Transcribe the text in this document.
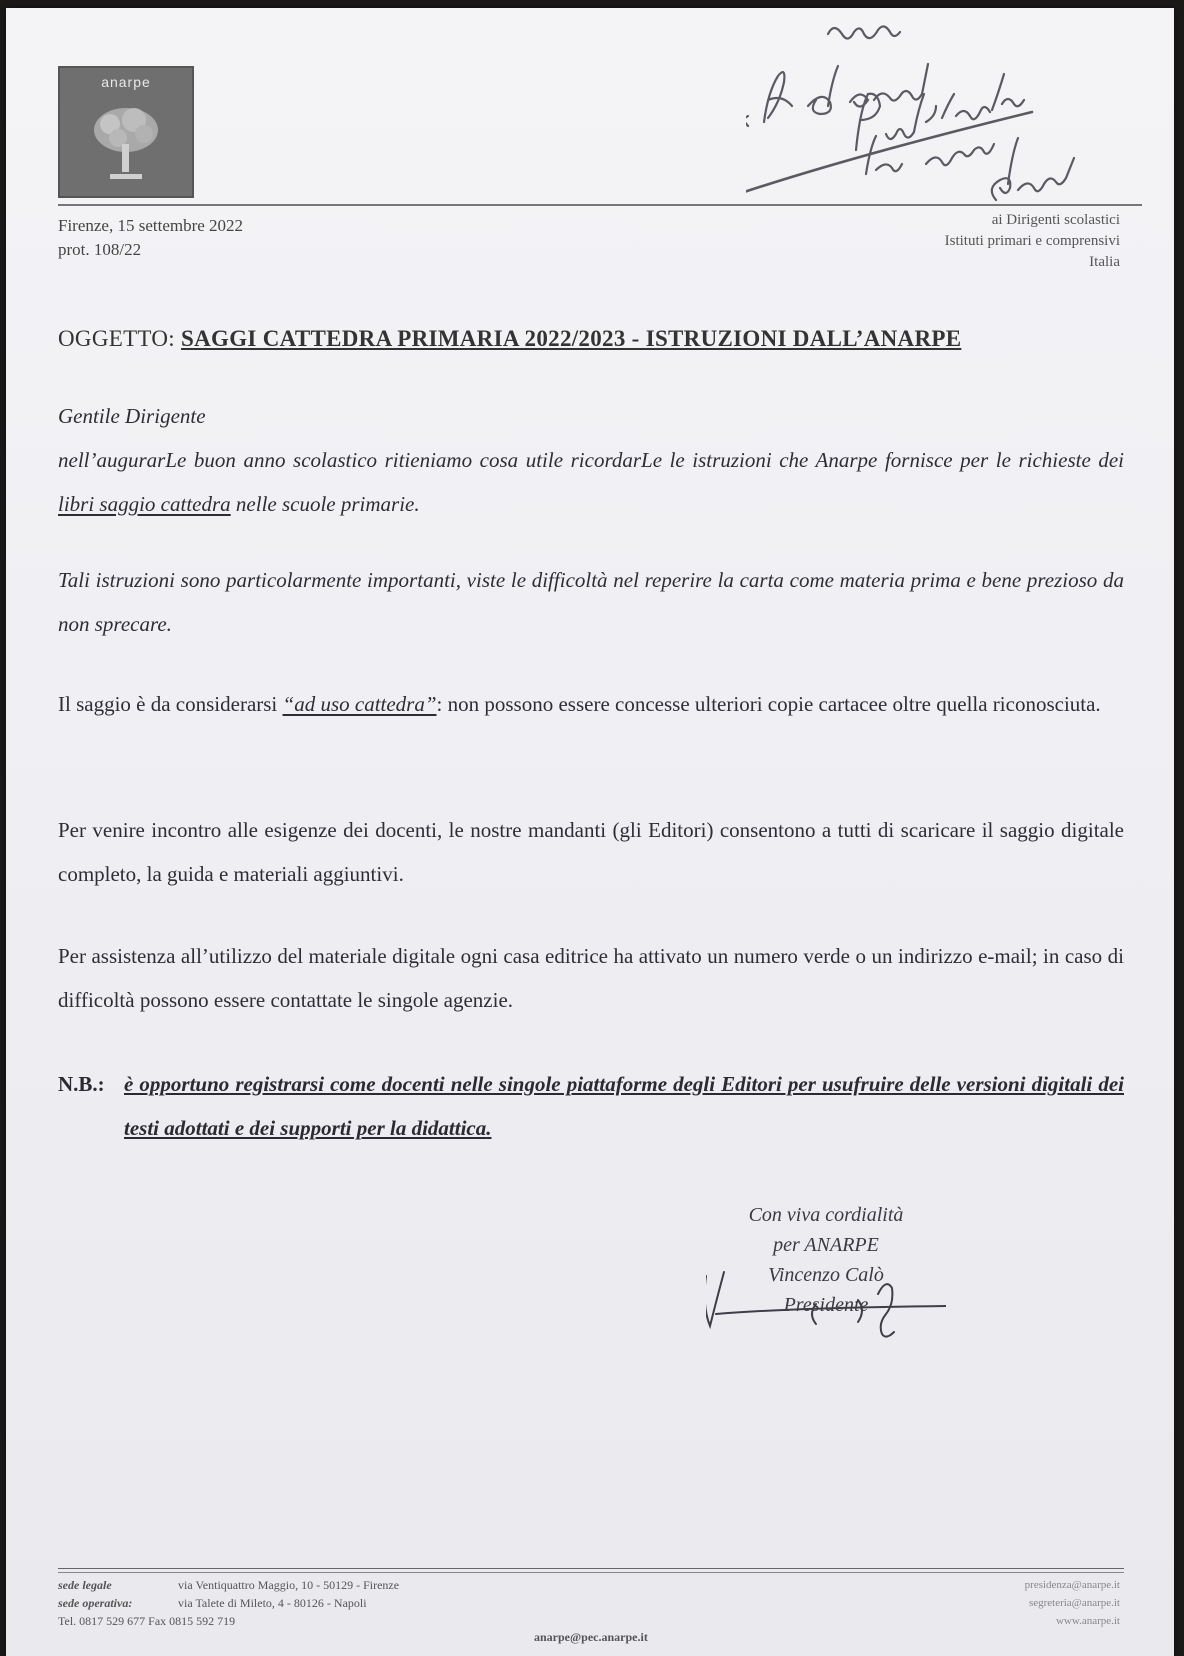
anarpe
Firenze, 15 settembre 2022
prot. 108/22
ai Dirigenti scolastici
Istituti primari e comprensivi
Italia
OGGETTO: SAGGI CATTEDRA PRIMARIA 2022/2023 - ISTRUZIONI DALL’ANARPE
Gentile Dirigente
nell’augurarLe buon anno scolastico ritieniamo cosa utile ricordarLe le istruzioni che Anarpe fornisce per le richieste dei libri saggio cattedra nelle scuole primarie.
Tali istruzioni sono particolarmente importanti, viste le difficoltà nel reperire la carta come materia prima e bene prezioso da non sprecare.
Il saggio è da considerarsi “ad uso cattedra”: non possono essere concesse ulteriori copie cartacee oltre quella riconosciuta.
Per venire incontro alle esigenze dei docenti, le nostre mandanti (gli Editori) consentono a tutti di scaricare il saggio digitale completo, la guida e materiali aggiuntivi.
Per assistenza all’utilizzo del materiale digitale ogni casa editrice ha attivato un numero verde o un indirizzo e-mail; in caso di difficoltà possono essere contattate le singole agenzie.
N.B.: è opportuno registrarsi come docenti nelle singole piattaforme degli Editori per usufruire delle versioni digitali dei testi adottati e dei supporti per la didattica.
Con viva cordialità
per ANARPE
Vincenzo Calò
Presidente
sede legale	via Ventiquattro Maggio, 10 - 50129 - Firenze
sede operativa:	via Talete di Mileto, 4 - 80126 - Napoli
Tel. 0817 529 677 Fax 0815 592 719
anarpe@pec.anarpe.it
presidenza@anarpe.it
segreteria@anarpe.it
www.anarpe.it
